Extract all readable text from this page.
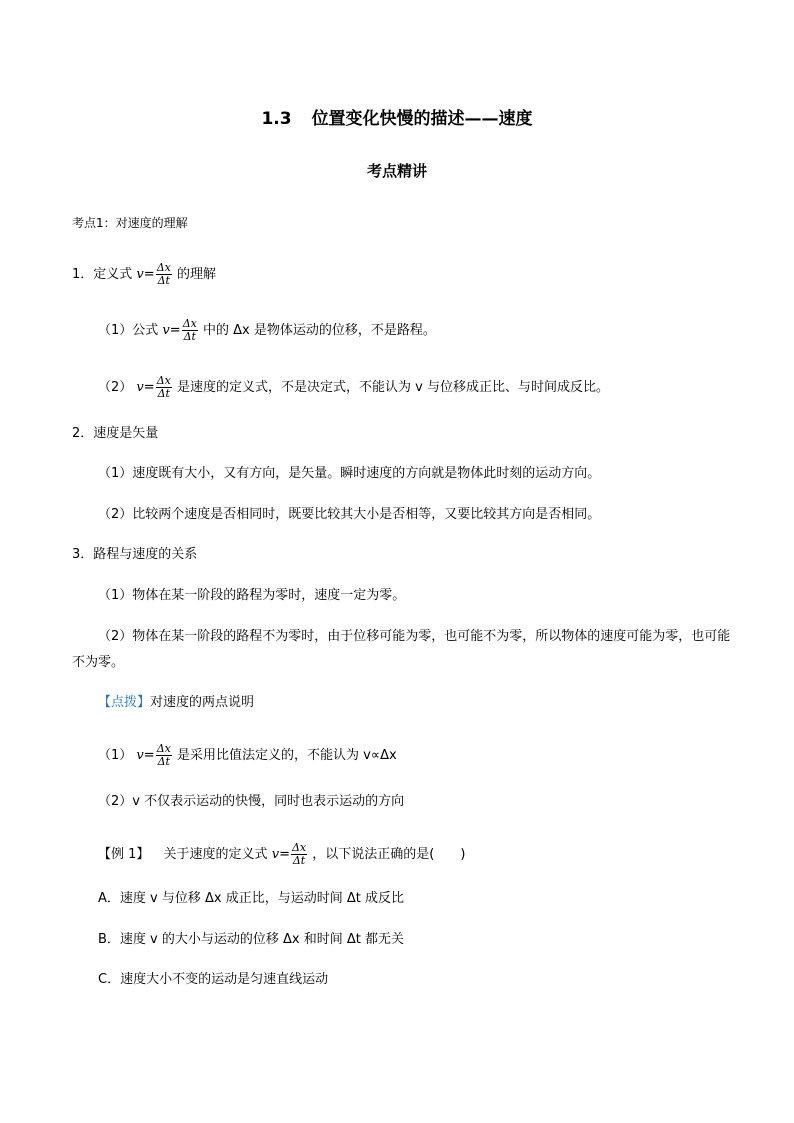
1.3 位置变化快慢的描述——速度
考点精讲
考点1：对速度的理解
1．定义式 $v= \frac{\Delta x}{\Delta t}$ 的理解
（1）公式 $v= \frac{\Delta x}{\Delta t}$ 中的 Δx 是物体运动的位移，不是路程。
（2） $v= \frac{\Delta x}{\Delta t}$ 是速度的定义式，不是决定式，不能认为 v 与位移成正比、与时间成反比。
2．速度是矢量
（1）速度既有大小，又有方向，是矢量。瞬时速度的方向就是物体此时刻的运动方向。
（2）比较两个速度是否相同时，既要比较其大小是否相等，又要比较其方向是否相同。
3．路程与速度的关系
（1）物体在某一阶段的路程为零时，速度一定为零。
（2）物体在某一阶段的路程不为零时，由于位移可能为零，也可能不为零，所以物体的速度可能为零，也可能不为零。
【点拨】对速度的两点说明
（1） $v= \frac{\Delta x}{\Delta t}$ 是采用比值法定义的，不能认为 v∝Δx
（2）v 不仅表示运动的快慢，同时也表示运动的方向
【例 1】 关于速度的定义式 $v= \frac{\Delta x}{\Delta t}$ ，以下说法正确的是(　　)
A．速度 v 与位移 Δx 成正比，与运动时间 Δt 成反比
B．速度 v 的大小与运动的位移 Δx 和时间 Δt 都无关
C．速度大小不变的运动是匀速直线运动
